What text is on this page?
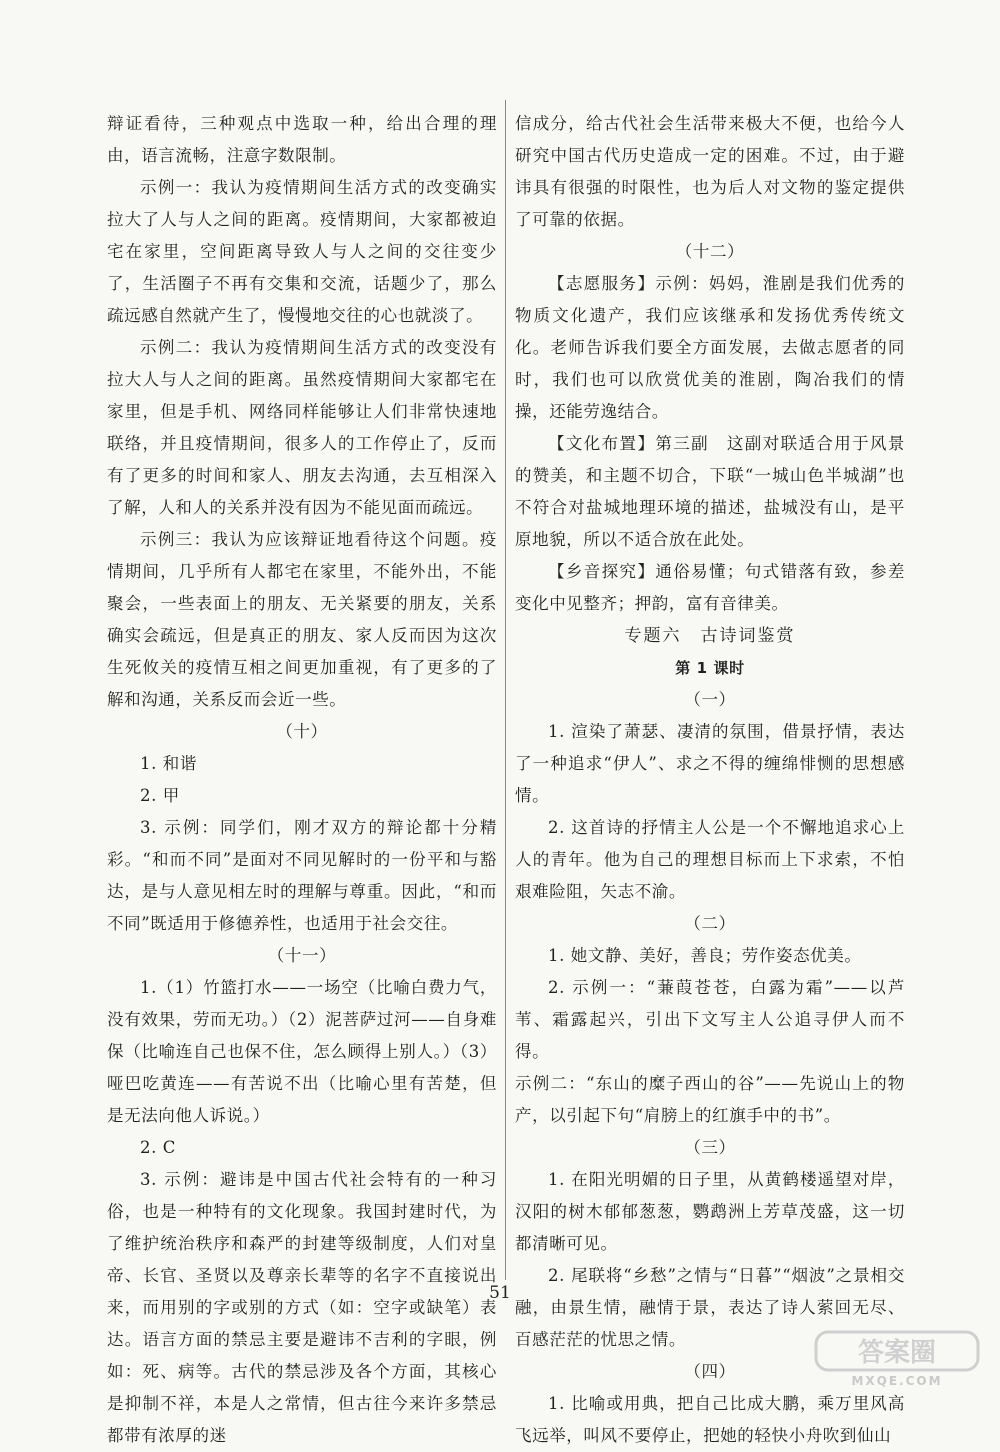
辩证看待，三种观点中选取一种，给出合理的理由，语言流畅，注意字数限制。

示例一：我认为疫情期间生活方式的改变确实拉大了人与人之间的距离。疫情期间，大家都被迫宅在家里，空间距离导致人与人之间的交往变少了，生活圈子不再有交集和交流，话题少了，那么疏远感自然就产生了，慢慢地交往的心也就淡了。

示例二：我认为疫情期间生活方式的改变没有拉大人与人之间的距离。虽然疫情期间大家都宅在家里，但是手机、网络同样能够让人们非常快速地联络，并且疫情期间，很多人的工作停止了，反而有了更多的时间和家人、朋友去沟通，去互相深入了解，人和人的关系并没有因为不能见面而疏远。

示例三：我认为应该辩证地看待这个问题。疫情期间，几乎所有人都宅在家里，不能外出，不能聚会，一些表面上的朋友、无关紧要的朋友，关系确实会疏远，但是真正的朋友、家人反而因为这次生死攸关的疫情互相之间更加重视，有了更多的了解和沟通，关系反而会近一些。

（十）

1. 和谐

2. 甲

3. 示例：同学们，刚才双方的辩论都十分精彩。“和而不同”是面对不同见解时的一份平和与豁达，是与人意见相左时的理解与尊重。因此，“和而不同”既适用于修德养性，也适用于社会交往。

（十一）

1.（1）竹篮打水——一场空（比喻白费力气，没有效果，劳而无功。）（2）泥菩萨过河——自身难保（比喻连自己也保不住，怎么顾得上别人。）（3）哑巴吃黄连——有苦说不出（比喻心里有苦楚，但是无法向他人诉说。）

2. C

3. 示例：避讳是中国古代社会特有的一种习俗，也是一种特有的文化现象。我国封建时代，为了维护统治秩序和森严的封建等级制度，人们对皇帝、长官、圣贤以及尊亲长辈等的名字不直接说出来，而用别的字或别的方式（如：空字或缺笔）表达。语言方面的禁忌主要是避讳不吉利的字眼，例如：死、病等。古代的禁忌涉及各个方面，其核心是抑制不祥，本是人之常情，但古往今来许多禁忌都带有浓厚的迷

信成分，给古代社会生活带来极大不便，也给今人研究中国古代历史造成一定的困难。不过，由于避讳具有很强的时限性，也为后人对文物的鉴定提供了可靠的依据。

（十二）

【志愿服务】示例：妈妈，淮剧是我们优秀的物质文化遗产，我们应该继承和发扬优秀传统文化。老师告诉我们要全方面发展，去做志愿者的同时，我们也可以欣赏优美的淮剧，陶冶我们的情操，还能劳逸结合。

【文化布置】第三副　这副对联适合用于风景的赞美，和主题不切合，下联“一城山色半城湖”也不符合对盐城地理环境的描述，盐城没有山，是平原地貌，所以不适合放在此处。

【乡音探究】通俗易懂；句式错落有致，参差变化中见整齐；押韵，富有音律美。

专题六　古诗词鉴赏

第 1 课时

（一）

1. 渲染了萧瑟、凄清的氛围，借景抒情，表达了一种追求“伊人”、求之不得的缠绵悱恻的思想感情。

2. 这首诗的抒情主人公是一个不懈地追求心上人的青年。他为自己的理想目标而上下求索，不怕艰难险阻，矢志不渝。

（二）

1. 她文静、美好，善良；劳作姿态优美。

2. 示例一：“蒹葭苍苍，白露为霜”——以芦苇、霜露起兴，引出下文写主人公追寻伊人而不得。

示例二：“东山的糜子西山的谷”——先说山上的物产，以引起下句“肩膀上的红旗手中的书”。

（三）

1. 在阳光明媚的日子里，从黄鹤楼遥望对岸，汉阳的树木郁郁葱葱，鹦鹉洲上芳草茂盛，这一切都清晰可见。

2. 尾联将“乡愁”之情与“日暮”“烟波”之景相交融，由景生情，融情于景，表达了诗人萦回无尽、百感茫茫的忧思之情。

（四）

1. 比喻或用典，把自己比成大鹏，乘万里风高飞远举，叫风不要停止，把她的轻快小舟吹到仙山

51
答案圈
MXQE.COM
